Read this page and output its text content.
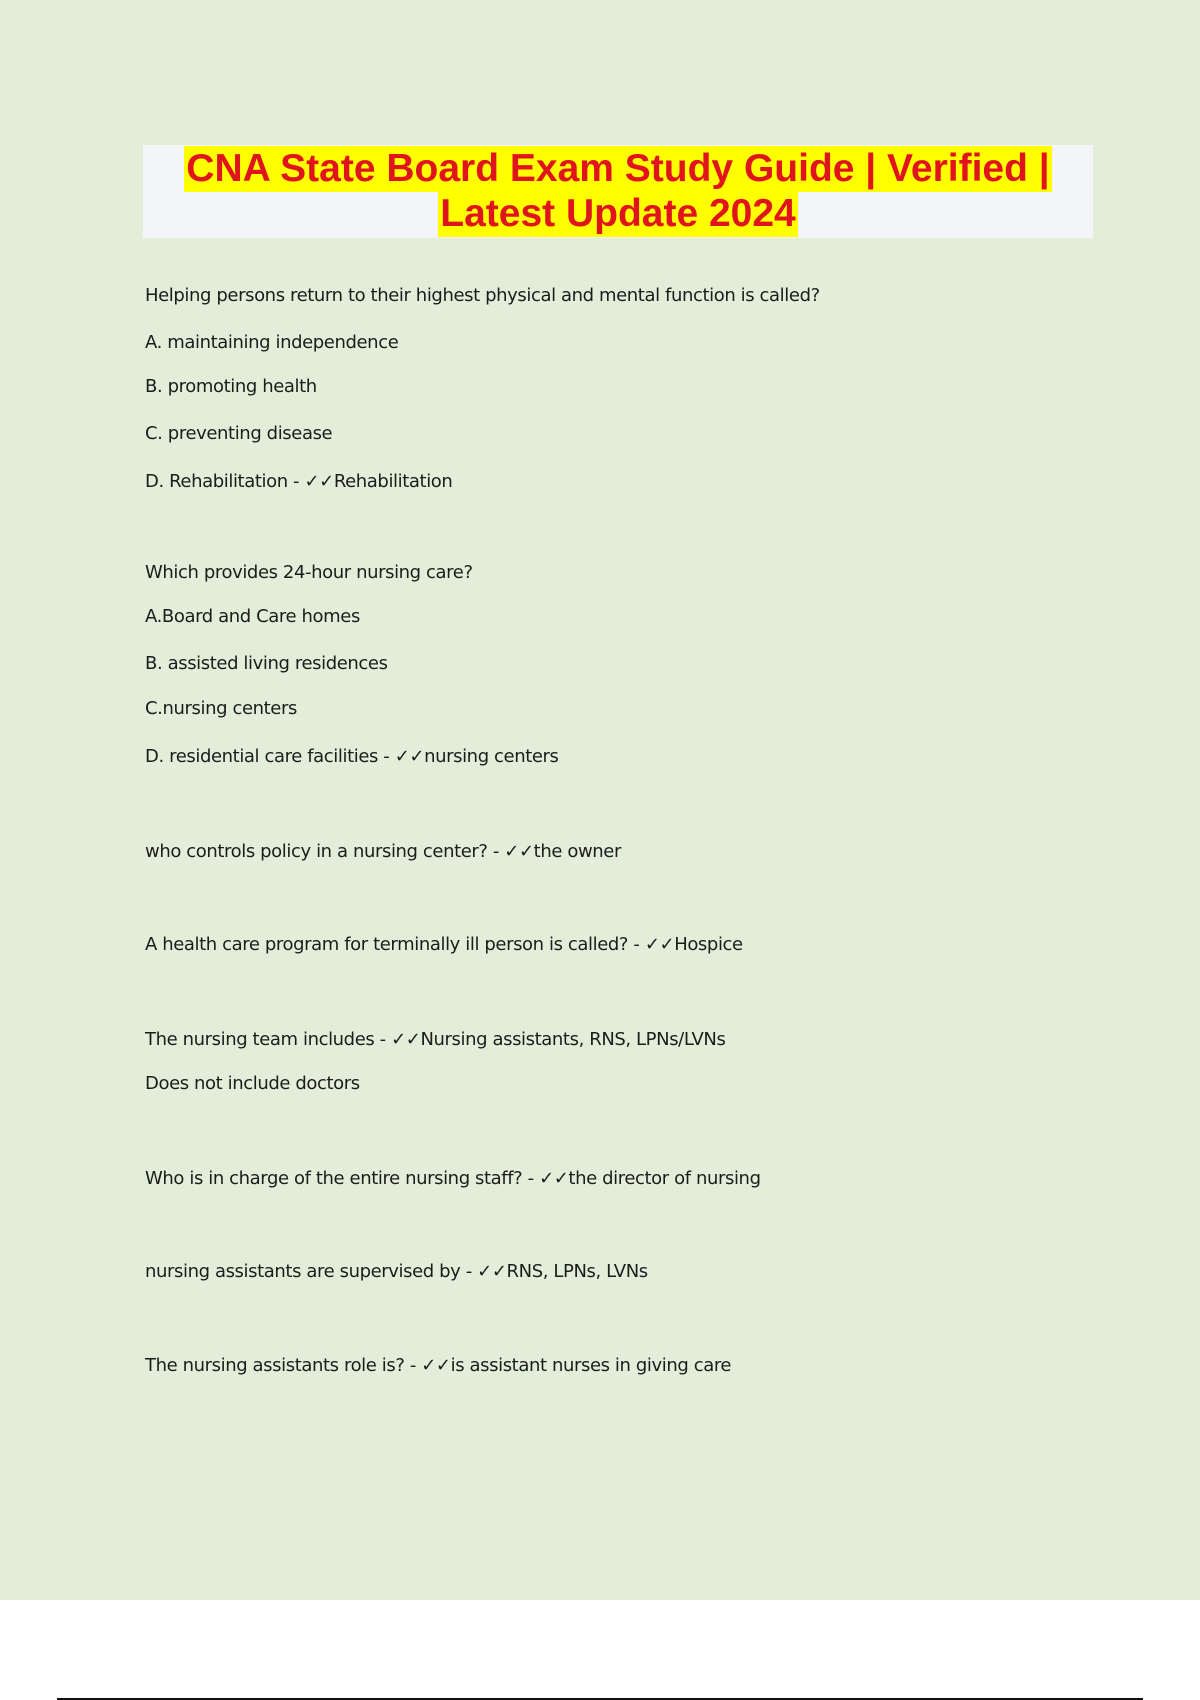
CNA State Board Exam Study Guide | Verified |
Latest Update 2024
Helping persons return to their highest physical and mental function is called?
A. maintaining independence
B. promoting health
C. preventing disease
D. Rehabilitation - ✓✓Rehabilitation
Which provides 24-hour nursing care?
A.Board and Care homes
B. assisted living residences
C.nursing centers
D. residential care facilities - ✓✓nursing centers
who controls policy in a nursing center? - ✓✓the owner
A health care program for terminally ill person is called? - ✓✓Hospice
The nursing team includes - ✓✓Nursing assistants, RNS, LPNs/LVNs
Does not include doctors
Who is in charge of the entire nursing staff? - ✓✓the director of nursing
nursing assistants are supervised by - ✓✓RNS, LPNs, LVNs
The nursing assistants role is? - ✓✓is assistant nurses in giving care
